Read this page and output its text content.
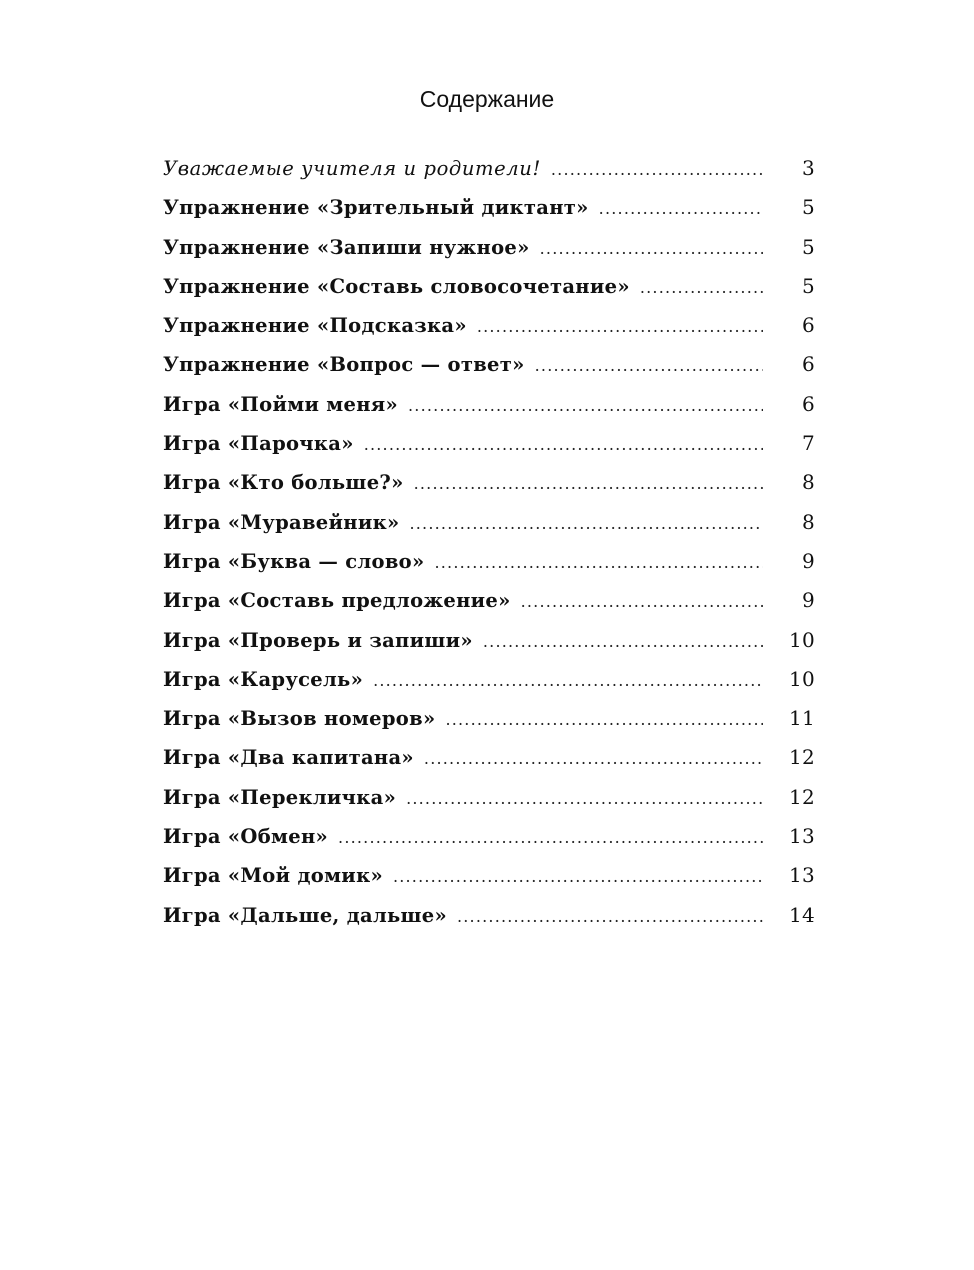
Содержание
Уважаемые учителя и родители! .....	3
Упражнение «Зрительный диктант» .....	5
Упражнение «Запиши нужное» .....	5
Упражнение «Составь словосочетание» .....	5
Упражнение «Подсказка» .....	6
Упражнение «Вопрос — ответ» .....	6
Игра «Пойми меня» .....	6
Игра «Парочка» .....	7
Игра «Кто больше?» .....	8
Игра «Муравейник» .....	8
Игра «Буква — слово» .....	9
Игра «Составь предложение» .....	9
Игра «Проверь и запиши» .....	10
Игра «Карусель» .....	10
Игра «Вызов номеров» .....	11
Игра «Два капитана» .....	12
Игра «Перекличка» .....	12
Игра «Обмен» .....	13
Игра «Мой домик» .....	13
Игра «Дальше, дальше» .....	14
